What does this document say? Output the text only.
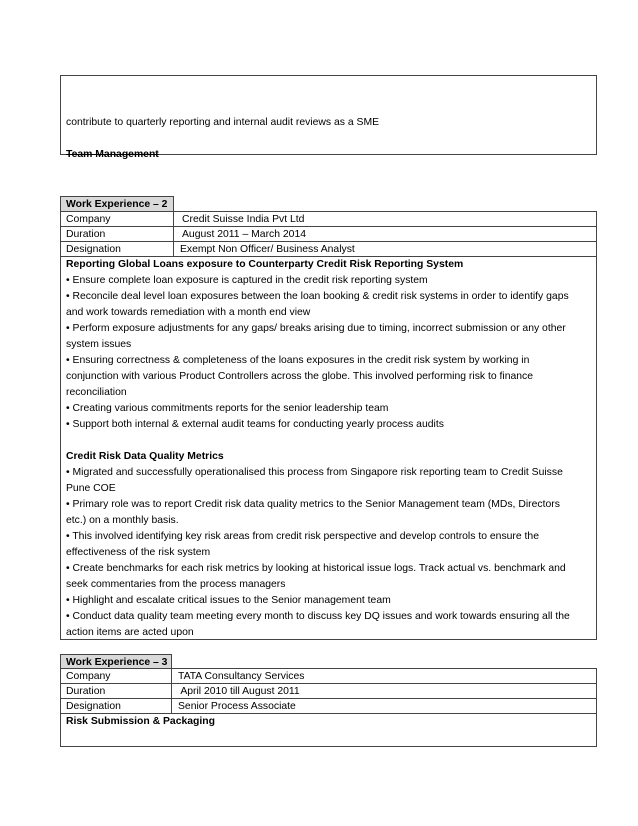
contribute to quarterly reporting and internal audit reviews as a SME
Team Management
Work Experience – 2
Company	Credit Suisse India Pvt Ltd
Duration	August 2011 – March 2014
Designation	Exempt Non Officer/ Business Analyst
Reporting Global Loans exposure to Counterparty Credit Risk Reporting System
• Ensure complete loan exposure is captured in the credit risk reporting system
• Reconcile deal level loan exposures between the loan booking & credit risk systems in order to identify gaps
and work towards remediation with a month end view
• Perform exposure adjustments for any gaps/ breaks arising due to timing, incorrect submission or any other
system issues
• Ensuring correctness & completeness of the loans exposures in the credit risk system by working in
conjunction with various Product Controllers across the globe. This involved performing risk to finance
reconciliation
• Creating various commitments reports for the senior leadership team
• Support both internal & external audit teams for conducting yearly process audits
Credit Risk Data Quality Metrics
• Migrated and successfully operationalised this process from Singapore risk reporting team to Credit Suisse
Pune COE
• Primary role was to report Credit risk data quality metrics to the Senior Management team (MDs, Directors
etc.) on a monthly basis.
• This involved identifying key risk areas from credit risk perspective and develop controls to ensure the
effectiveness of the risk system
• Create benchmarks for each risk metrics by looking at historical issue logs. Track actual vs. benchmark and
seek commentaries from the process managers
• Highlight and escalate critical issues to the Senior management team
• Conduct data quality team meeting every month to discuss key DQ issues and work towards ensuring all the
action items are acted upon
Work Experience – 3
Company	TATA Consultancy Services
Duration	April 2010 till August 2011
Designation	Senior Process Associate
Risk Submission & Packaging
